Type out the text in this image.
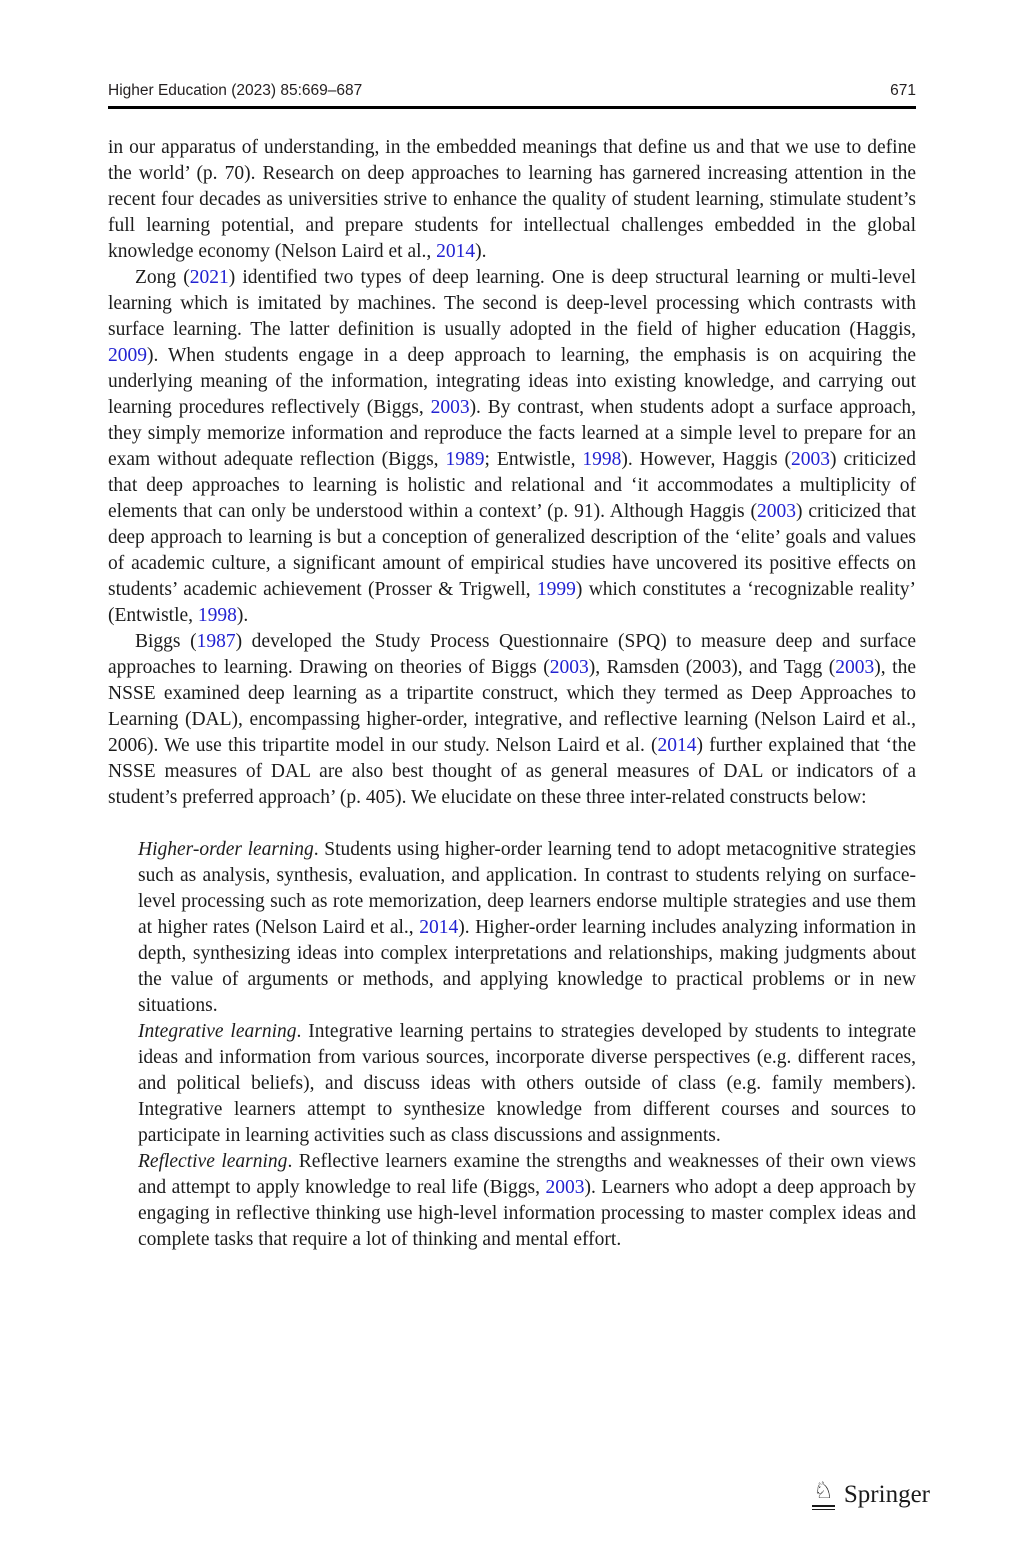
Higher Education (2023) 85:669–687	671

in our apparatus of understanding, in the embedded meanings that define us and that we use to define the world’ (p. 70). Research on deep approaches to learning has garnered increasing attention in the recent four decades as universities strive to enhance the quality of student learning, stimulate student’s full learning potential, and prepare students for intellectual challenges embedded in the global knowledge economy (Nelson Laird et al., 2014).

Zong (2021) identified two types of deep learning. One is deep structural learning or multi-level learning which is imitated by machines. The second is deep-level processing which contrasts with surface learning. The latter definition is usually adopted in the field of higher education (Haggis, 2009). When students engage in a deep approach to learning, the emphasis is on acquiring the underlying meaning of the information, integrating ideas into existing knowledge, and carrying out learning procedures reflectively (Biggs, 2003). By contrast, when students adopt a surface approach, they simply memorize information and reproduce the facts learned at a simple level to prepare for an exam without adequate reflection (Biggs, 1989; Entwistle, 1998). However, Haggis (2003) criticized that deep approaches to learning is holistic and relational and ‘it accommodates a multiplicity of elements that can only be understood within a context’ (p. 91). Although Haggis (2003) criticized that deep approach to learning is but a conception of generalized description of the ‘elite’ goals and values of academic culture, a significant amount of empirical studies have uncovered its positive effects on students’ academic achievement (Prosser & Trigwell, 1999) which constitutes a ‘recognizable reality’ (Entwistle, 1998).

Biggs (1987) developed the Study Process Questionnaire (SPQ) to measure deep and surface approaches to learning. Drawing on theories of Biggs (2003), Ramsden (2003), and Tagg (2003), the NSSE examined deep learning as a tripartite construct, which they termed as Deep Approaches to Learning (DAL), encompassing higher-order, integrative, and reflective learning (Nelson Laird et al., 2006). We use this tripartite model in our study. Nelson Laird et al. (2014) further explained that ‘the NSSE measures of DAL are also best thought of as general measures of DAL or indicators of a student’s preferred approach’ (p. 405). We elucidate on these three inter-related constructs below:

Higher-order learning. Students using higher-order learning tend to adopt metacognitive strategies such as analysis, synthesis, evaluation, and application. In contrast to students relying on surface-level processing such as rote memorization, deep learners endorse multiple strategies and use them at higher rates (Nelson Laird et al., 2014). Higher-order learning includes analyzing information in depth, synthesizing ideas into complex interpretations and relationships, making judgments about the value of arguments or methods, and applying knowledge to practical problems or in new situations.

Integrative learning. Integrative learning pertains to strategies developed by students to integrate ideas and information from various sources, incorporate diverse perspectives (e.g. different races, and political beliefs), and discuss ideas with others outside of class (e.g. family members). Integrative learners attempt to synthesize knowledge from different courses and sources to participate in learning activities such as class discussions and assignments.

Reflective learning. Reflective learners examine the strengths and weaknesses of their own views and attempt to apply knowledge to real life (Biggs, 2003). Learners who adopt a deep approach by engaging in reflective thinking use high-level information processing to master complex ideas and complete tasks that require a lot of thinking and mental effort.

♘ Springer
